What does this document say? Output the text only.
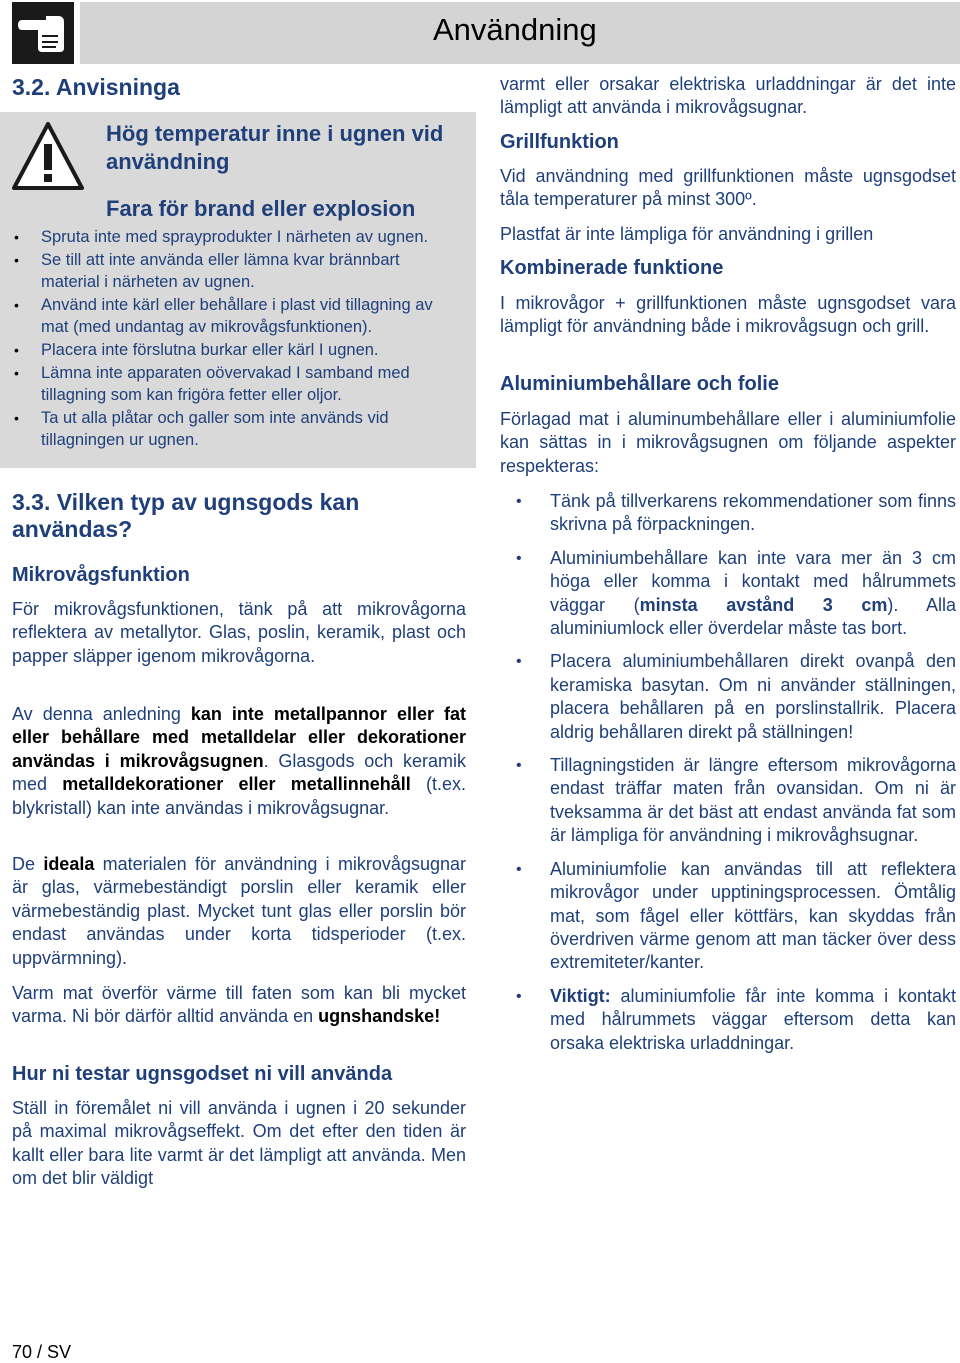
Användning
3.2. Anvisninga
Hög temperatur inne i ugnen vid användning
Fara för brand eller explosion
• Spruta inte med sprayprodukter I närheten av ugnen.
• Se till att inte använda eller lämna kvar brännbart material i närheten av ugnen.
• Använd inte kärl eller behållare i plast vid tillagning av mat (med undantag av mikrovågsfunktionen).
• Placera inte förslutna burkar eller kärl I ugnen.
• Lämna inte apparaten oövervakad I samband med tillagning som kan frigöra fetter eller oljor.
• Ta ut alla plåtar och galler som inte används vid tillagningen ur ugnen.
3.3. Vilken typ av ugnsgods kan användas?
Mikrovågsfunktion

För mikrovågsfunktionen, tänk på att mikrovågorna reflektera av metallytor. Glas, poslin, keramik, plast och papper släpper igenom mikrovågorna.

Av denna anledning kan inte metallpannor eller fat eller behållare med metalldelar eller dekorationer användas i mikrovågsugnen. Glasgods och keramik med metalldekorationer eller metallinnehåll (t.ex. blykristall) kan inte användas i mikrovågsugnar.

De ideala materialen för användning i mikrovågsugnar är glas, värmebeständigt porslin eller keramik eller värmebeständig plast. Mycket tunt glas eller porslin bör endast användas under korta tidsperioder (t.ex. uppvärmning).

Varm mat överför värme till faten som kan bli mycket varma. Ni bör därför alltid använda en ugnshandske!

Hur ni testar ugnsgodset ni vill använda

Ställ in föremålet ni vill använda i ugnen i 20 sekunder på maximal mikrovågseffekt. Om det efter den tiden är kallt eller bara lite varmt är det lämpligt att använda. Men om det blir väldigt

varmt eller orsakar elektriska urladdningar är det inte lämpligt att använda i mikrovågsugnar.

Grillfunktion

Vid användning med grillfunktionen måste ugnsgodset tåla temperaturer på minst 300º.

Plastfat är inte lämpliga för användning i grillen

Kombinerade funktione

I mikrovågor + grillfunktionen måste ugnsgodset vara lämpligt för användning både i mikrovågsugn och grill.

Aluminiumbehållare och folie

Förlagad mat i aluminumbehållare eller i aluminiumfolie kan sättas in i mikrovågsugnen om följande aspekter respekteras:

• Tänk på tillverkarens rekommendationer som finns skrivna på förpackningen.
• Aluminiumbehållare kan inte vara mer än 3 cm höga eller komma i kontakt med hålrummets väggar (minsta avstånd 3 cm). Alla aluminiumlock eller överdelar måste tas bort.
• Placera aluminiumbehållaren direkt ovanpå den keramiska basytan. Om ni använder ställningen, placera behållaren på en porslinstallrik. Placera aldrig behållaren direkt på ställningen!
• Tillagningstiden är längre eftersom mikrovågorna endast träffar maten från ovansidan. Om ni är tveksamma är det bäst att endast använda fat som är lämpliga för användning i mikrovåghsugnar.
• Aluminiumfolie kan användas till att reflektera mikrovågor under upptiningsprocessen. Ömtålig mat, som fågel eller köttfärs, kan skyddas från överdriven värme genom att man täcker över dess extremiteter/kanter.
• Viktigt: aluminiumfolie får inte komma i kontakt med hålrummets väggar eftersom detta kan orsaka elektriska urladdningar.
70 / SV
